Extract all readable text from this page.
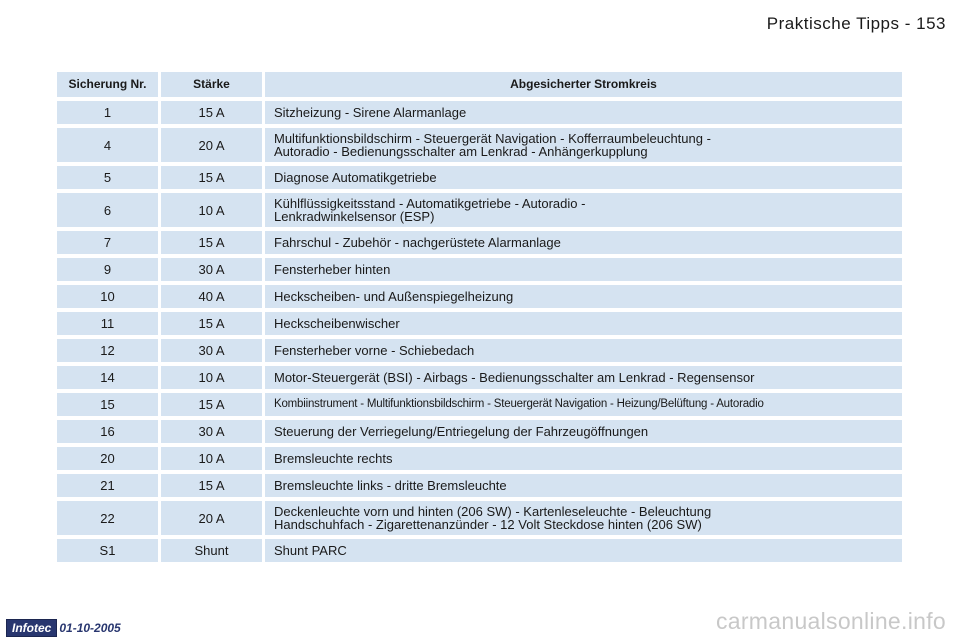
Praktische Tipps - 153
Sicherung Nr.	Stärke	Abgesicherter Stromkreis
1	15 A	Sitzheizung - Sirene Alarmanlage

4	20 A	Multifunktionsbildschirm - Steuergerät Navigation - Kofferraumbeleuchtung -
Autoradio - Bedienungsschalter am Lenkrad - Anhängerkupplung

5	15 A	Diagnose Automatikgetriebe

6	10 A	Kühlflüssigkeitsstand - Automatikgetriebe - Autoradio -
Lenkradwinkelsensor (ESP)

7	15 A	Fahrschul - Zubehör - nachgerüstete Alarmanlage

9	30 A	Fensterheber hinten

10	40 A	Heckscheiben- und Außenspiegelheizung

11	15 A	Heckscheibenwischer

12	30 A	Fensterheber vorne - Schiebedach

14	10 A	Motor-Steuergerät (BSI) - Airbags - Bedienungsschalter am Lenkrad - Regensensor

15	15 A	Kombiinstrument - Multifunktionsbildschirm - Steuergerät Navigation - Heizung/Belüftung - Autoradio

16	30 A	Steuerung der Verriegelung/Entriegelung der Fahrzeugöffnungen

20	10 A	Bremsleuchte rechts

21	15 A	Bremsleuchte links - dritte Bremsleuchte

22	20 A	Deckenleuchte vorn und hinten (206 SW) - Kartenleseleuchte - Beleuchtung
Handschuhfach - Zigarettenanzünder - 12 Volt Steckdose hinten (206 SW)

S1	Shunt	Shunt PARC
Infotec 01-10-2005	carmanualsonline.info
